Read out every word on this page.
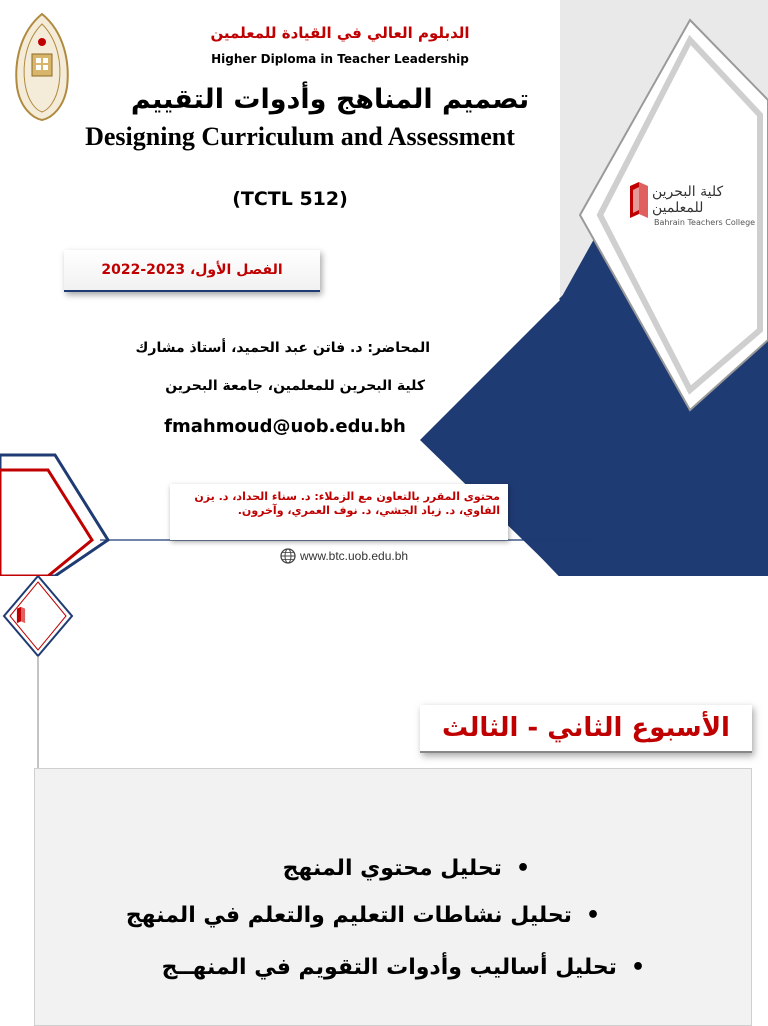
الدبلوم العالي في القيادة للمعلمين
Higher Diploma in Teacher Leadership
تصميم المناهج وأدوات التقييم
Designing Curriculum and Assessment
(TCTL 512)
الفصل الأول، 2023-2022
المحاضر: د. فاتن عبد الحميد، أستاذ مشارك
كلية البحرين للمعلمين، جامعة البحرين
fmahmoud@uob.edu.bh
محتوى المقرر بالتعاون مع الزملاء: د. سناء الحداد، د. يزن الفاوي، د. زياد الجشي، د. نوف العمري، وآخرون.
www.btc.uob.edu.bh
كلية البحرين للمعلمين
Bahrain Teachers College
الأسبوع الثاني - الثالث
•تحليل محتوي المنهج
•تحليل نشاطات التعليم والتعلم في المنهج
•تحليل أساليب وأدوات التقويم في المنهــج
